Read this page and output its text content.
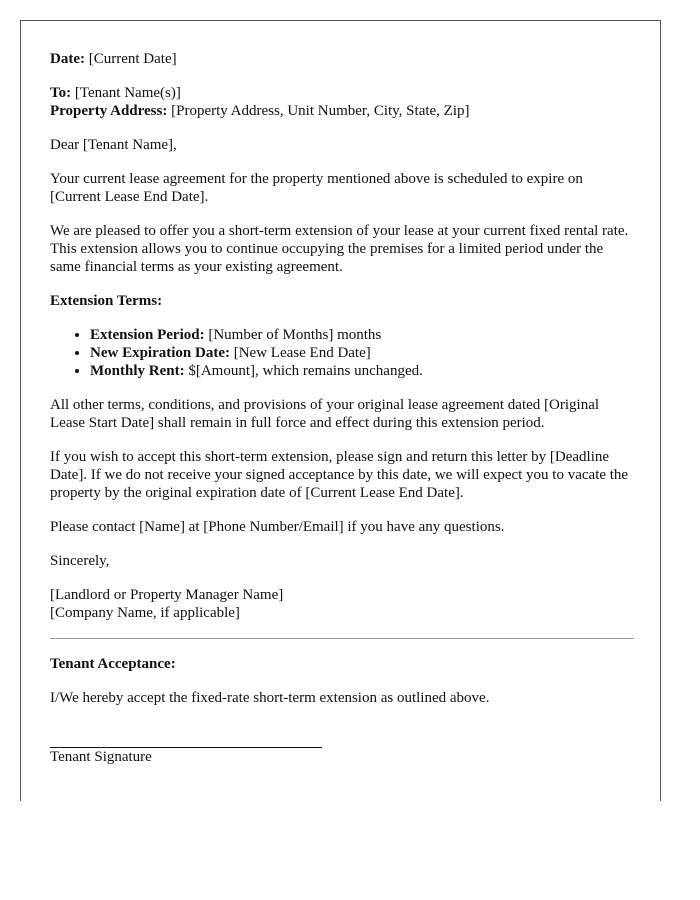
Date: [Current Date]

To: [Tenant Name(s)]

Property Address: [Property Address, Unit Number, City, State, Zip]

Dear [Tenant Name],

Your current lease agreement for the property mentioned above is scheduled to expire on [Current Lease End Date].

We are pleased to offer you a short-term extension of your lease at your current fixed rental rate. This extension allows you to continue occupying the premises for a limited period under the same financial terms as your existing agreement.

Extension Terms:

• Extension Period: [Number of Months] months
• New Expiration Date: [New Lease End Date]
• Monthly Rent: $[Amount], which remains unchanged.

All other terms, conditions, and provisions of your original lease agreement dated [Original Lease Start Date] shall remain in full force and effect during this extension period.

If you wish to accept this short-term extension, please sign and return this letter by [Deadline Date]. If we do not receive your signed acceptance by this date, we will expect you to vacate the property by the original expiration date of [Current Lease End Date].

Please contact [Name] at [Phone Number/Email] if you have any questions.

Sincerely,

[Landlord or Property Manager Name]

[Company Name, if applicable]

Tenant Acceptance:

I/We hereby accept the fixed-rate short-term extension as outlined above.

Tenant Signature
